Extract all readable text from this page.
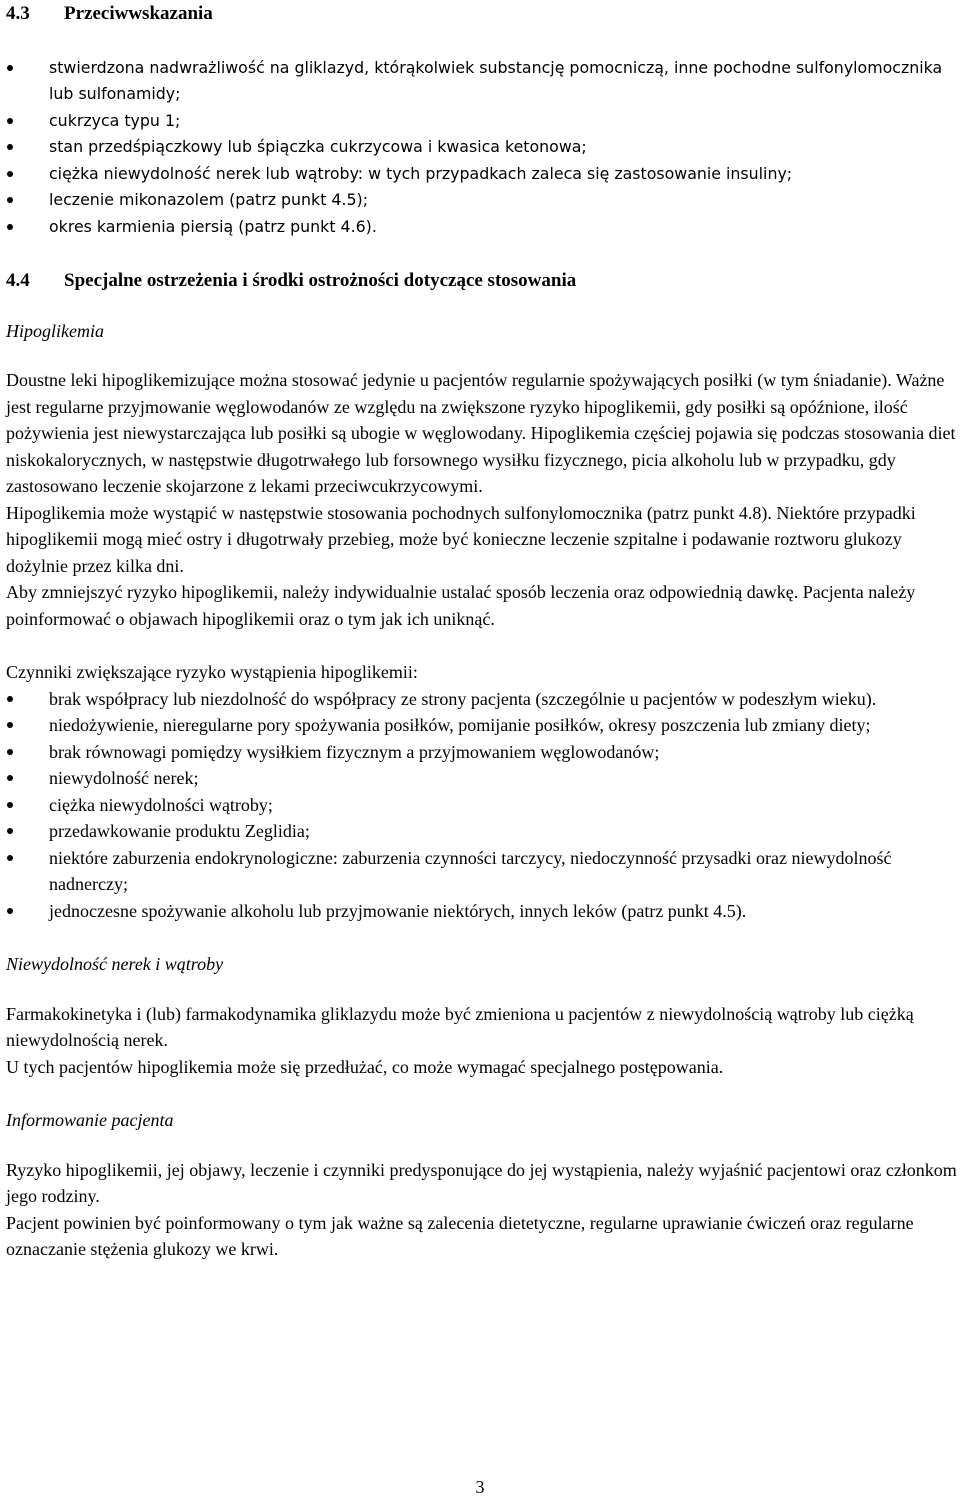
4.3 Przeciwwskazania
stwierdzona nadwrażliwość na gliklazyd, którąkolwiek substancję pomocniczą, inne pochodne sulfonylomocznika lub sulfonamidy;
cukrzyca typu 1;
stan przedśpiączkowy lub śpiączka cukrzycowa i kwasica ketonowa;
ciężka niewydolność nerek lub wątroby: w tych przypadkach zaleca się zastosowanie insuliny;
leczenie mikonazolem (patrz punkt 4.5);
okres karmienia piersią (patrz punkt 4.6).
4.4 Specjalne ostrzeżenia i środki ostrożności dotyczące stosowania

Hipoglikemia

Doustne leki hipoglikemizujące można stosować jedynie u pacjentów regularnie spożywających posiłki (w tym śniadanie). Ważne jest regularne przyjmowanie węglowodanów ze względu na zwiększone ryzyko hipoglikemii, gdy posiłki są opóźnione, ilość pożywienia jest niewystarczająca lub posiłki są ubogie w węglowodany. Hipoglikemia częściej pojawia się podczas stosowania diet niskokalorycznych, w następstwie długotrwałego lub forsownego wysiłku fizycznego, picia alkoholu lub w przypadku, gdy zastosowano leczenie skojarzone z lekami przeciwcukrzycowymi.

Hipoglikemia może wystąpić w następstwie stosowania pochodnych sulfonylomocznika (patrz punkt 4.8). Niektóre przypadki hipoglikemii mogą mieć ostry i długotrwały przebieg, może być konieczne leczenie szpitalne i podawanie roztworu glukozy dożylnie przez kilka dni.

Aby zmniejszyć ryzyko hipoglikemii, należy indywidualnie ustalać sposób leczenia oraz odpowiednią dawkę. Pacjenta należy poinformować o objawach hipoglikemii oraz o tym jak ich uniknąć.

Czynniki zwiększające ryzyko wystąpienia hipoglikemii:

brak współpracy lub niezdolność do współpracy ze strony pacjenta (szczególnie u pacjentów w podeszłym wieku).
niedożywienie, nieregularne pory spożywania posiłków, pomijanie posiłków, okresy poszczenia lub zmiany diety;
brak równowagi pomiędzy wysiłkiem fizycznym a przyjmowaniem węglowodanów;
niewydolność nerek;
ciężka niewydolności wątroby;
przedawkowanie produktu Zeglidia;
niektóre zaburzenia endokrynologiczne: zaburzenia czynności tarczycy, niedoczynność przysadki oraz niewydolność nadnerczy;
jednoczesne spożywanie alkoholu lub przyjmowanie niektórych, innych leków (patrz punkt 4.5).

Niewydolność nerek i wątroby

Farmakokinetyka i (lub) farmakodynamika gliklazydu może być zmieniona u pacjentów z niewydolnością wątroby lub ciężką niewydolnością nerek.

U tych pacjentów hipoglikemia może się przedłużać, co może wymagać specjalnego postępowania.

Informowanie pacjenta

Ryzyko hipoglikemii, jej objawy, leczenie i czynniki predysponujące do jej wystąpienia, należy wyjaśnić pacjentowi oraz członkom jego rodziny.

Pacjent powinien być poinformowany o tym jak ważne są zalecenia dietetyczne, regularne uprawianie ćwiczeń oraz regularne oznaczanie stężenia glukozy we krwi.

3
